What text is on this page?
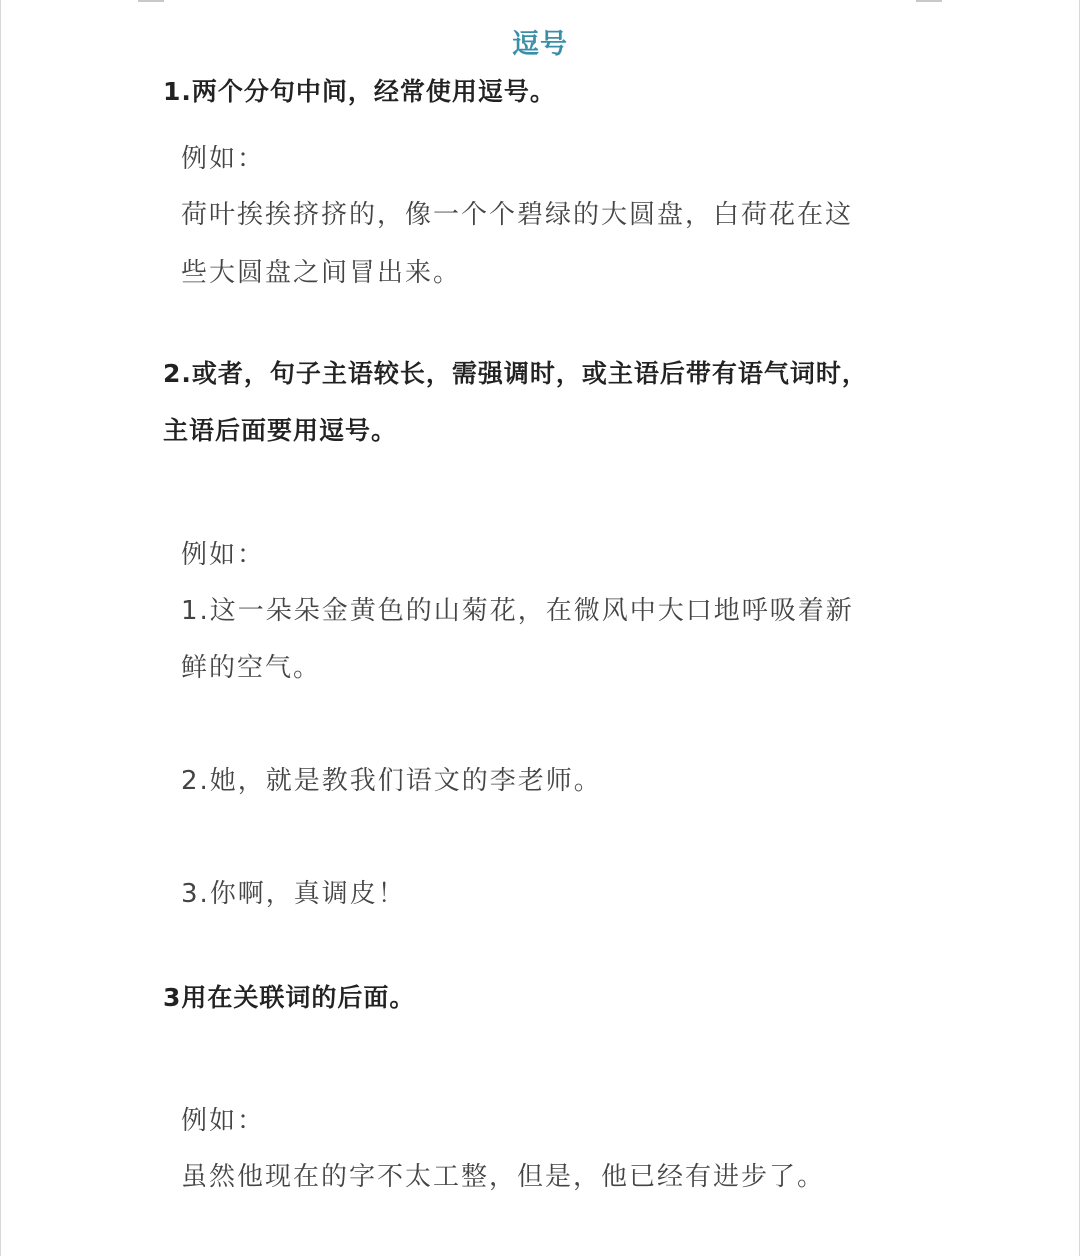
逗号
1.两个分句中间，经常使用逗号。
例如：
荷叶挨挨挤挤的，像一个个碧绿的大圆盘，白荷花在这
些大圆盘之间冒出来。
2.或者，句子主语较长，需强调时，或主语后带有语气词时，
主语后面要用逗号。
例如：
1.这一朵朵金黄色的山菊花，在微风中大口地呼吸着新
鲜的空气。
2.她，就是教我们语文的李老师。
3.你啊，真调皮！
3用在关联词的后面。
例如：
虽然他现在的字不太工整，但是，他已经有进步了。
